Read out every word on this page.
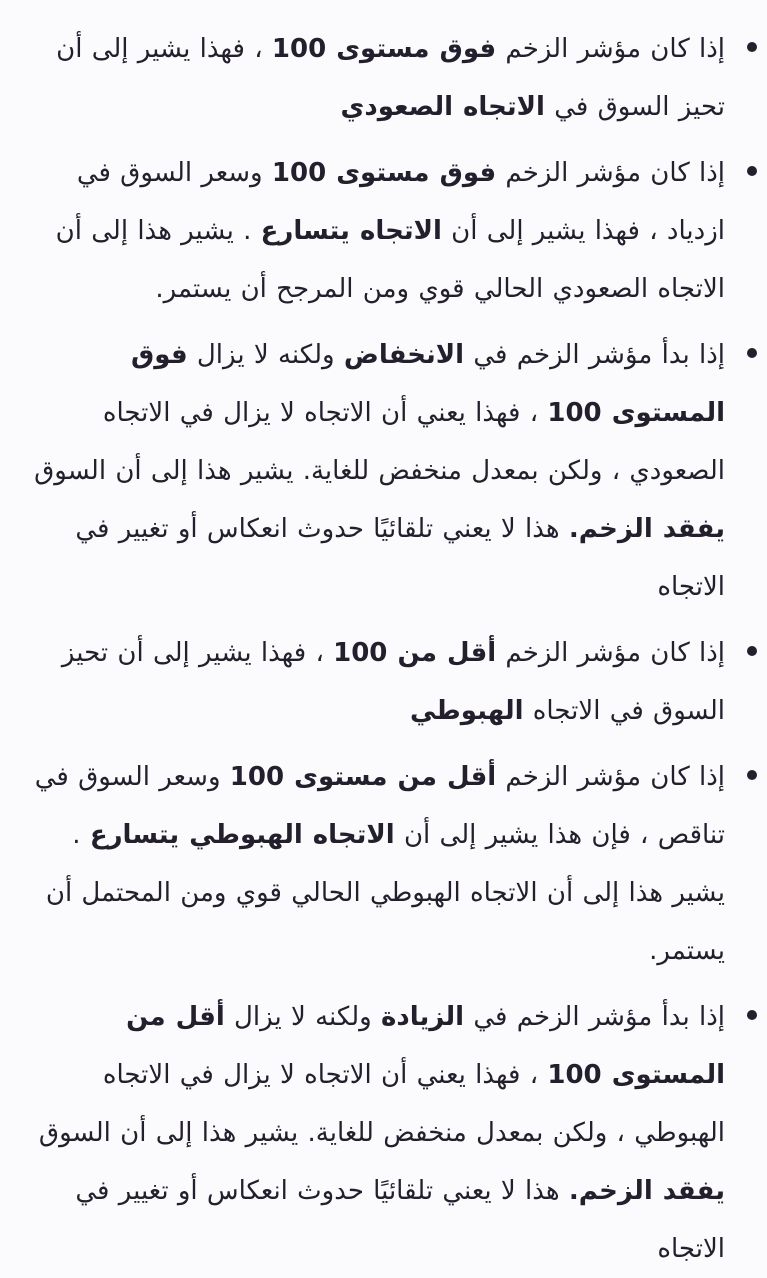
إذا كان مؤشر الزخم فوق مستوى 100 ، فهذا يشير إلى أن تحيز السوق في الاتجاه الصعودي

إذا كان مؤشر الزخم فوق مستوى 100 وسعر السوق في ازدياد ، فهذا يشير إلى أن الاتجاه يتسارع . يشير هذا إلى أن الاتجاه الصعودي الحالي قوي ومن المرجح أن يستمر.

إذا بدأ مؤشر الزخم في الانخفاض ولكنه لا يزال فوق المستوى 100 ، فهذا يعني أن الاتجاه لا يزال في الاتجاه الصعودي ، ولكن بمعدل منخفض للغاية. يشير هذا إلى أن السوق يفقد الزخم. هذا لا يعني تلقائيًا حدوث انعكاس أو تغيير في الاتجاه

إذا كان مؤشر الزخم أقل من 100 ، فهذا يشير إلى أن تحيز السوق في الاتجاه الهبوطي

إذا كان مؤشر الزخم أقل من مستوى 100 وسعر السوق في تناقص ، فإن هذا يشير إلى أن الاتجاه الهبوطي يتسارع . يشير هذا إلى أن الاتجاه الهبوطي الحالي قوي ومن المحتمل أن يستمر.

إذا بدأ مؤشر الزخم في الزيادة ولكنه لا يزال أقل من المستوى 100 ، فهذا يعني أن الاتجاه لا يزال في الاتجاه الهبوطي ، ولكن بمعدل منخفض للغاية. يشير هذا إلى أن السوق يفقد الزخم. هذا لا يعني تلقائيًا حدوث انعكاس أو تغيير في الاتجاه
